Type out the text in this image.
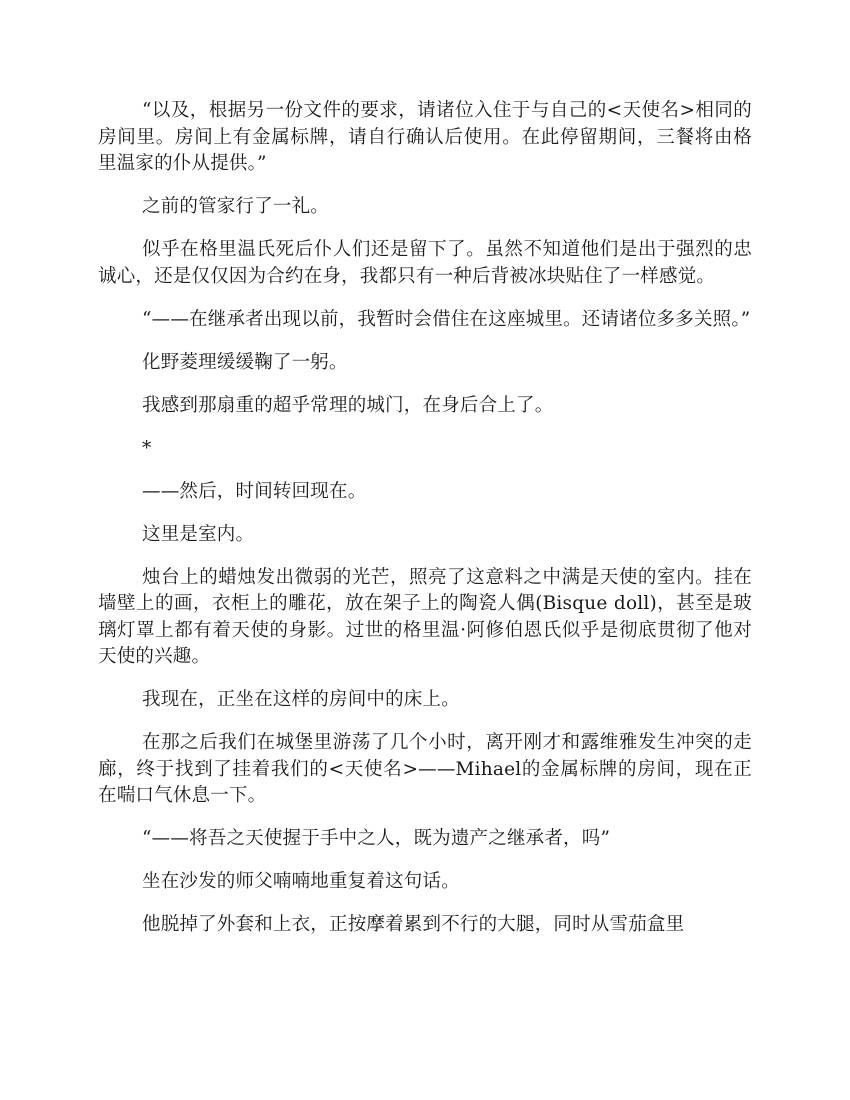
“以及，根据另一份文件的要求，请诸位入住于与自己的<天使名>相同的房间里。房间上有金属标牌，请自行确认后使用。在此停留期间，三餐将由格里温家的仆从提供。”

之前的管家行了一礼。

似乎在格里温氏死后仆人们还是留下了。虽然不知道他们是出于强烈的忠诚心，还是仅仅因为合约在身，我都只有一种后背被冰块贴住了一样感觉。

“——在继承者出现以前，我暂时会借住在这座城里。还请诸位多多关照。”

化野菱理缓缓鞠了一躬。

我感到那扇重的超乎常理的城门，在身后合上了。

*

——然后，时间转回现在。

这里是室内。

烛台上的蜡烛发出微弱的光芒，照亮了这意料之中满是天使的室内。挂在墙壁上的画，衣柜上的雕花，放在架子上的陶瓷人偶(Bisque doll)，甚至是玻璃灯罩上都有着天使的身影。过世的格里温·阿修伯恩氏似乎是彻底贯彻了他对天使的兴趣。

我现在，正坐在这样的房间中的床上。

在那之后我们在城堡里游荡了几个小时，离开刚才和露维雅发生冲突的走廊，终于找到了挂着我们的<天使名>——Mihael的金属标牌的房间，现在正在喘口气休息一下。

“——将吾之天使握于手中之人，既为遗产之继承者，吗”

坐在沙发的师父喃喃地重复着这句话。

他脱掉了外套和上衣，正按摩着累到不行的大腿，同时从雪茄盒里
